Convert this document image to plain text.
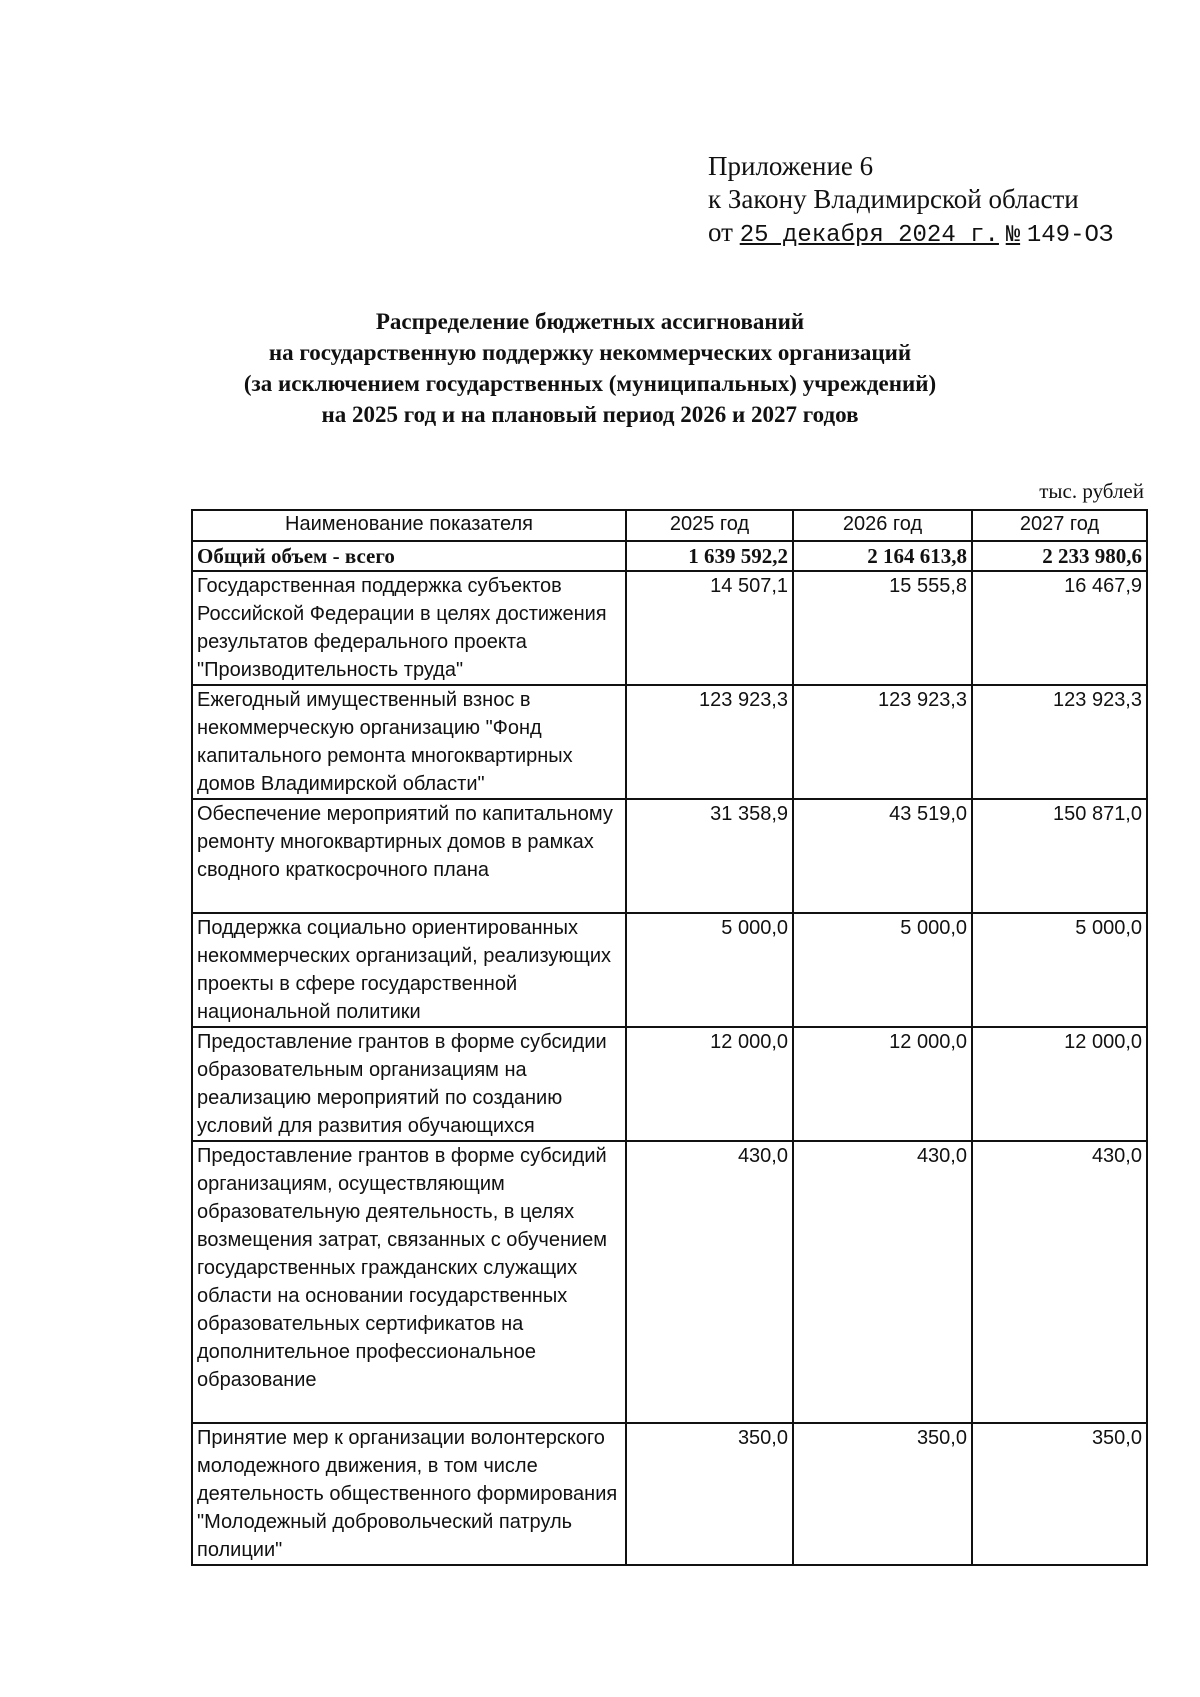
Приложение 6
к Закону Владимирской области
от 25 декабря 2024 г. № 149-ОЗ
Распределение бюджетных ассигнований
на государственную поддержку некоммерческих организаций
(за исключением государственных (муниципальных) учреждений)
на 2025 год и на плановый период 2026 и 2027 годов
тыс. рублей
Наименование показателя	2025 год	2026 год	2027 год
Общий объем - всего	1 639 592,2	2 164 613,8	2 233 980,6
Государственная поддержка субъектов Российской Федерации в целях достижения результатов федерального проекта "Производительность труда"	14 507,1	15 555,8	16 467,9
Ежегодный имущественный взнос в некоммерческую организацию "Фонд капитального ремонта многоквартирных домов Владимирской области"	123 923,3	123 923,3	123 923,3
Обеспечение мероприятий по капитальному ремонту многоквартирных домов в рамках сводного краткосрочного плана	31 358,9	43 519,0	150 871,0
Поддержка социально ориентированных некоммерческих организаций, реализующих проекты в сфере государственной национальной политики	5 000,0	5 000,0	5 000,0
Предоставление грантов в форме субсидии образовательным организациям на реализацию мероприятий по созданию условий для развития обучающихся	12 000,0	12 000,0	12 000,0
Предоставление грантов в форме субсидий организациям, осуществляющим образовательную деятельность, в целях возмещения затрат, связанных с обучением государственных гражданских служащих области на основании государственных образовательных сертификатов на дополнительное профессиональное образование	430,0	430,0	430,0
Принятие мер к организации волонтерского молодежного движения, в том числе деятельность общественного формирования "Молодежный добровольческий патруль полиции"	350,0	350,0	350,0
